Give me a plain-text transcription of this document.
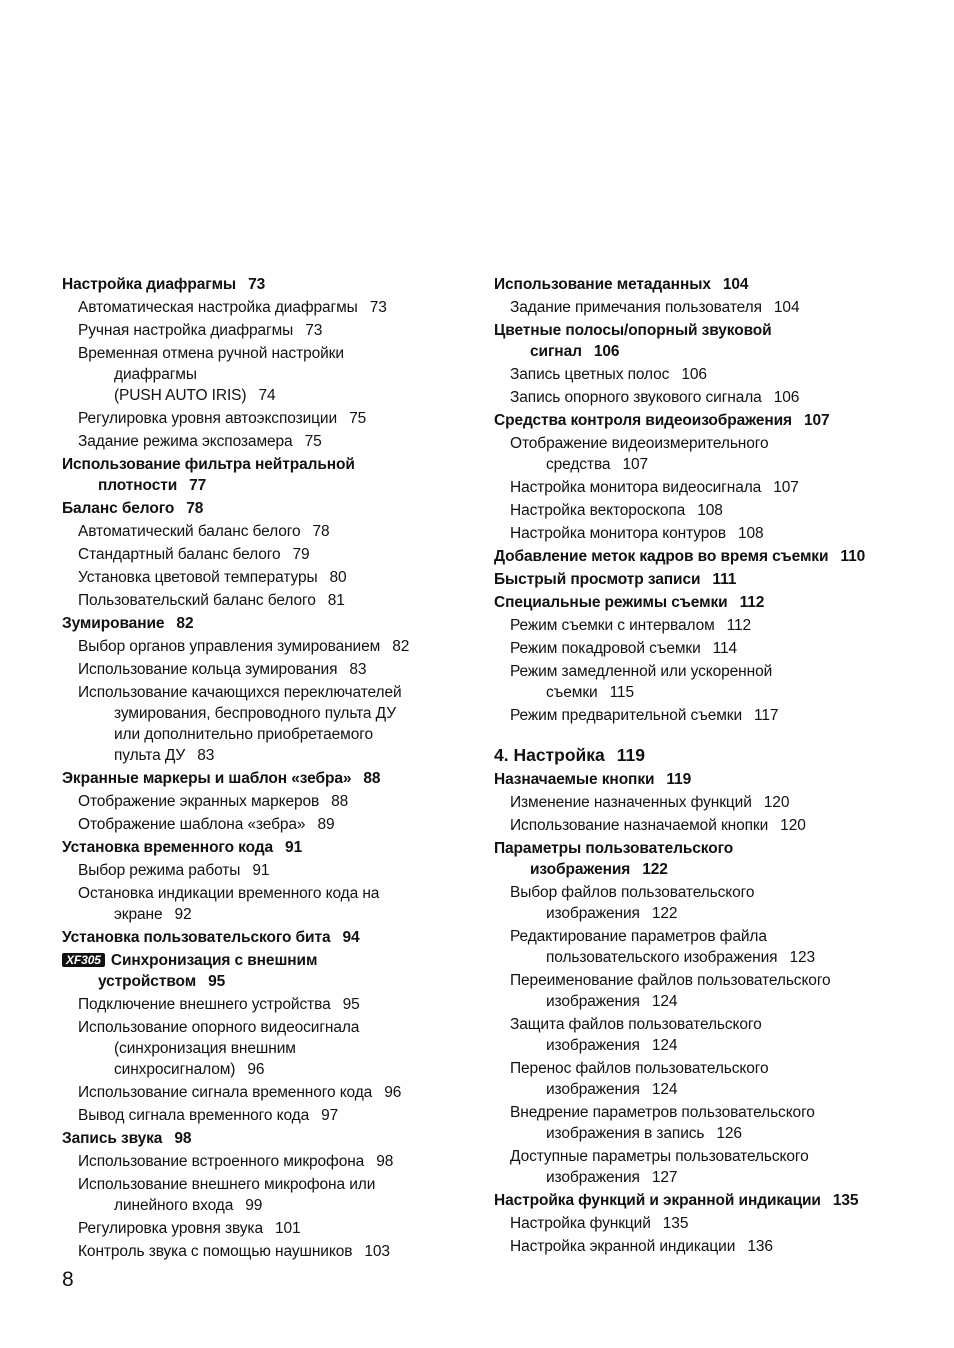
Настройка диафрагмы 73
Автоматическая настройка диафрагмы 73
Ручная настройка диафрагмы 73
Временная отмена ручной настройки
диафрагмы
(PUSH AUTO IRIS) 74
Регулировка уровня автоэкспозиции 75
Задание режима экспозамера 75
Использование фильтра нейтральной
плотности 77
Баланс белого 78
Автоматический баланс белого 78
Стандартный баланс белого 79
Установка цветовой температуры 80
Пользовательский баланс белого 81
Зумирование 82
Выбор органов управления зумированием 82
Использование кольца зумирования 83
Использование качающихся переключателей
зумирования, беспроводного пульта ДУ
или дополнительно приобретаемого
пульта ДУ 83
Экранные маркеры и шаблон «зебра» 88
Отображение экранных маркеров 88
Отображение шаблона «зебра» 89
Установка временного кода 91
Выбор режима работы 91
Остановка индикации временного кода на
экране 92
Установка пользовательского бита 94
XF305 Синхронизация с внешним
устройством 95
Подключение внешнего устройства 95
Использование опорного видеосигнала
(синхронизация внешним
синхросигналом) 96
Использование сигнала временного кода 96
Вывод сигнала временного кода 97
Запись звука 98
Использование встроенного микрофона 98
Использование внешнего микрофона или
линейного входа 99
Регулировка уровня звука 101
Контроль звука с помощью наушников 103
Использование метаданных 104
Задание примечания пользователя 104
Цветные полосы/опорный звуковой
сигнал 106
Запись цветных полос 106
Запись опорного звукового сигнала 106
Средства контроля видеоизображения 107
Отображение видеоизмерительного
средства 107
Настройка монитора видеосигнала 107
Настройка вектороскопа 108
Настройка монитора контуров 108
Добавление меток кадров во время съемки 110
Быстрый просмотр записи 111
Специальные режимы съемки 112
Режим съемки с интервалом 112
Режим покадровой съемки 114
Режим замедленной или ускоренной
съемки 115
Режим предварительной съемки 117
4. Настройка 119
Назначаемые кнопки 119
Изменение назначенных функций 120
Использование назначаемой кнопки 120
Параметры пользовательского
изображения 122
Выбор файлов пользовательского
изображения 122
Редактирование параметров файла
пользовательского изображения 123
Переименование файлов пользовательского
изображения 124
Защита файлов пользовательского
изображения 124
Перенос файлов пользовательского
изображения 124
Внедрение параметров пользовательского
изображения в запись 126
Доступные параметры пользовательского
изображения 127
Настройка функций и экранной индикации 135
Настройка функций 135
Настройка экранной индикации 136
8
